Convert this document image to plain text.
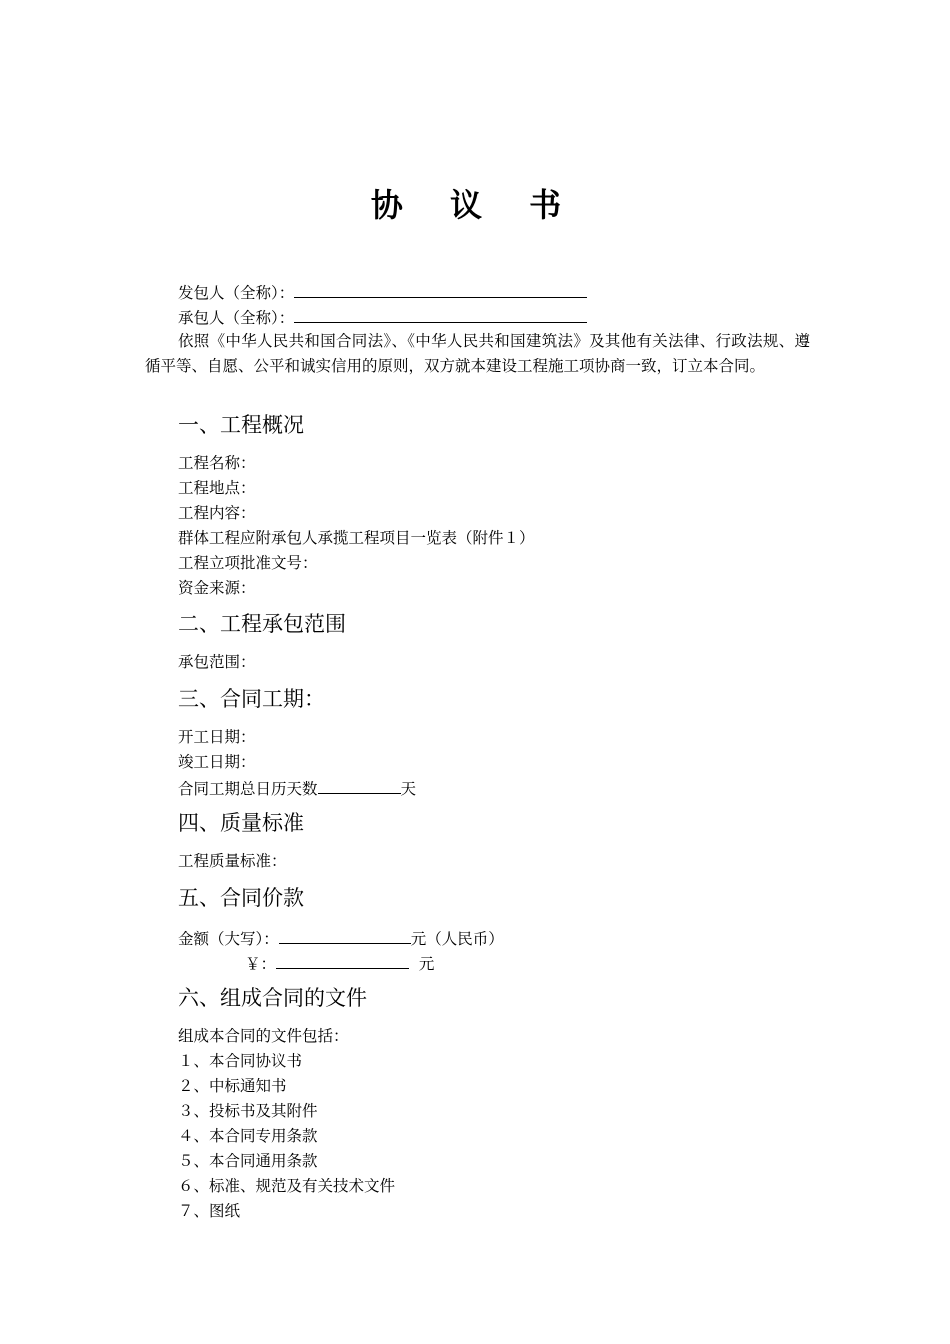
协 议 书
发包人（全称）：
承包人（全称）：
依照《中华人民共和国合同法》、《中华人民共和国建筑法》及其他有关法律、行政法规、遵循平等、自愿、公平和诚实信用的原则，双方就本建设工程施工项协商一致，订立本合同。
一、工程概况
工程名称：
工程地点：
工程内容：
群体工程应附承包人承揽工程项目一览表（附件１）
工程立项批准文号：
资金来源：
二、工程承包范围
承包范围：
三、合同工期：
开工日期：
竣工日期：
合同工期总日历天数	天
四、质量标准
工程质量标准：
五、合同价款
金额（大写）：	元（人民币）
￥：	元
六、组成合同的文件
组成本合同的文件包括：
１、本合同协议书
２、中标通知书
３、投标书及其附件
４、本合同专用条款
５、本合同通用条款
６、标准、规范及有关技术文件
７、图纸
